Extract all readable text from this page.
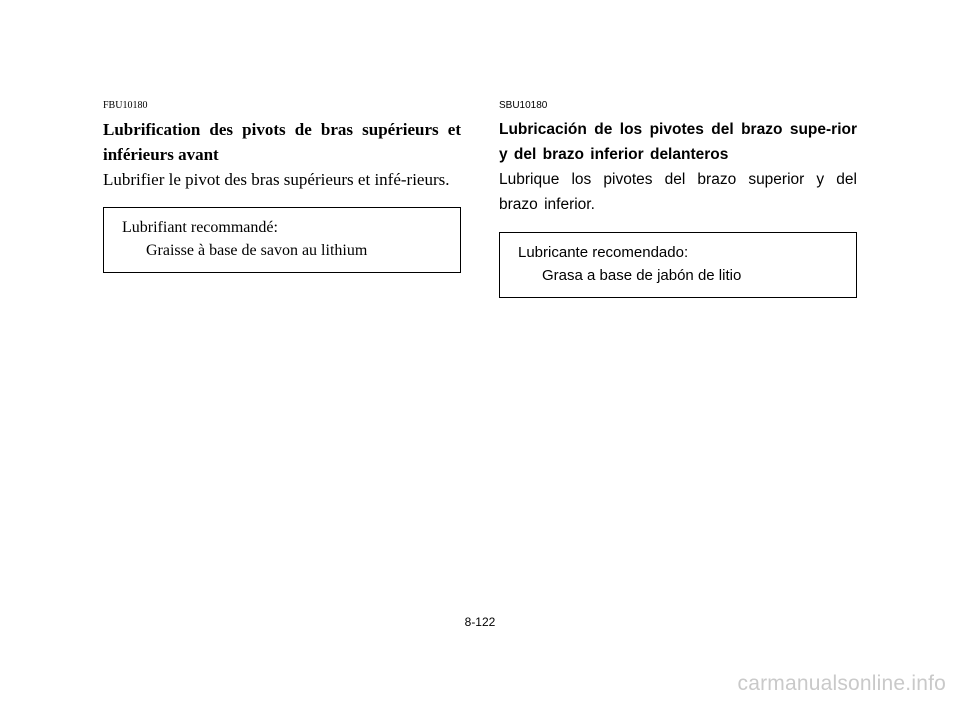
FBU10180
Lubrification des pivots de bras supérieurs et inférieurs avant

Lubrifier le pivot des bras supérieurs et infé-rieurs.

Lubrifiant recommandé:
Graisse à base de savon au lithium
SBU10180
Lubricación de los pivotes del brazo supe-rior y del brazo inferior delanteros

Lubrique los pivotes del brazo superior y del brazo inferior.

Lubricante recomendado:
Grasa a base de jabón de litio
8-122
carmanualsonline.info
